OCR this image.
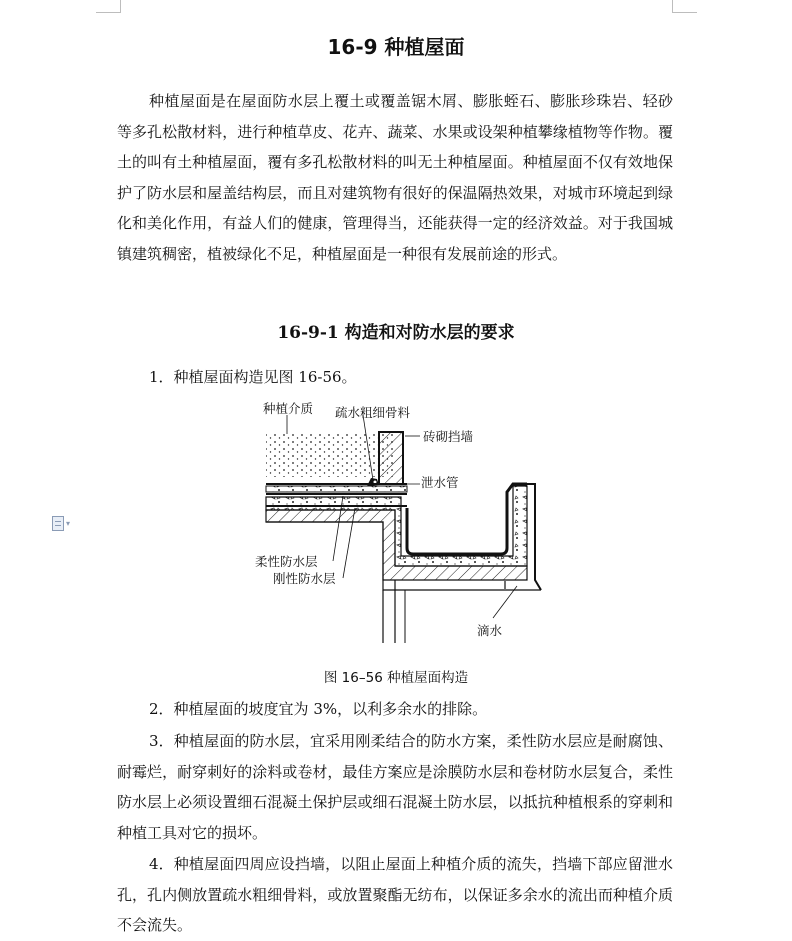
▾
16-9 种植屋面

种植屋面是在屋面防水层上覆土或覆盖锯木屑、膨胀蛭石、膨胀珍珠岩、轻砂等多孔松散材料，进行种植草皮、花卉、蔬菜、水果或设架种植攀缘植物等作物。覆土的叫有土种植屋面，覆有多孔松散材料的叫无土种植屋面。种植屋面不仅有效地保护了防水层和屋盖结构层，而且对建筑物有很好的保温隔热效果，对城市环境起到绿化和美化作用，有益人们的健康，管理得当，还能获得一定的经济效益。对于我国城镇建筑稠密，植被绿化不足，种植屋面是一种很有发展前途的形式。

16-9-1 构造和对防水层的要求

1．种植屋面构造见图 16-56。

种植介质 疏水粗细骨料
砖砌挡墙
泄水管
柔性防水层
刚性防水层
滴水

图 16–56 种植屋面构造

2．种植屋面的坡度宜为 3%，以利多余水的排除。

3．种植屋面的防水层，宜采用刚柔结合的防水方案，柔性防水层应是耐腐蚀、耐霉烂，耐穿刺好的涂料或卷材，最佳方案应是涂膜防水层和卷材防水层复合，柔性防水层上必须设置细石混凝土保护层或细石混凝土防水层，以抵抗种植根系的穿刺和种植工具对它的损坏。

4．种植屋面四周应设挡墙，以阻止屋面上种植介质的流失，挡墙下部应留泄水孔，孔内侧放置疏水粗细骨料，或放置聚酯无纺布，以保证多余水的流出而种植介质不会流失。
